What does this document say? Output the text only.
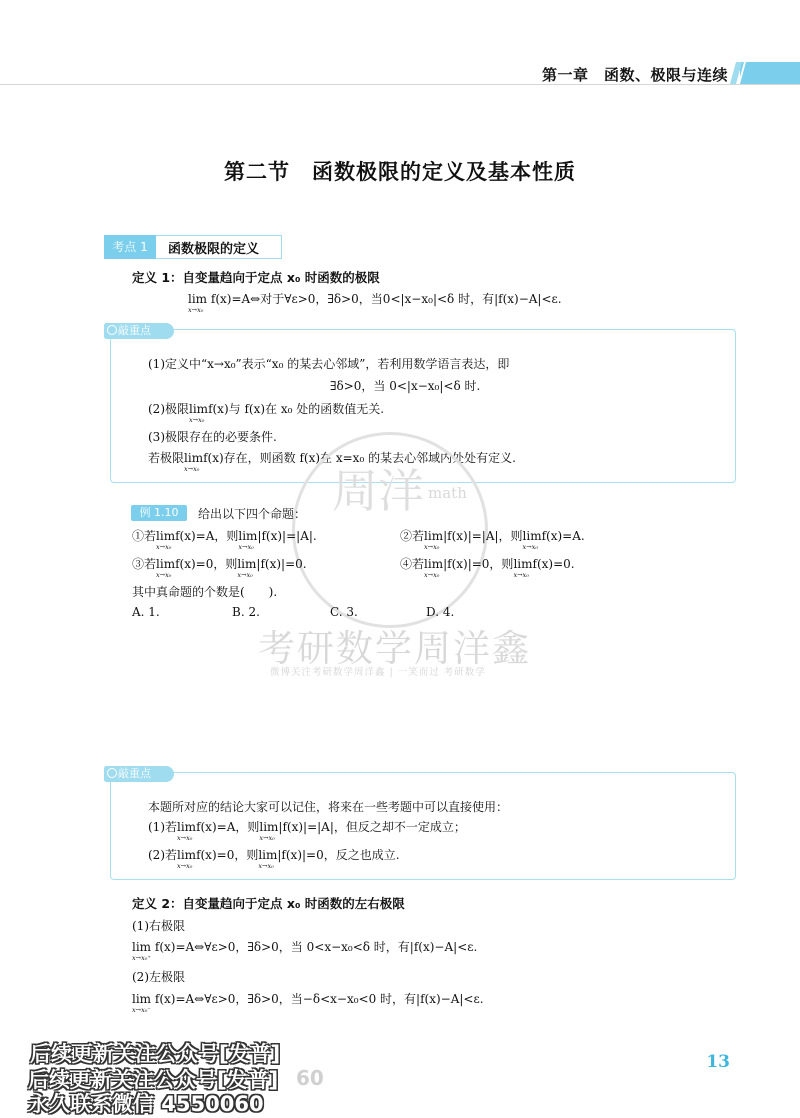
第一章　函数、极限与连续
第二节　函数极限的定义及基本性质
考点 1	函数极限的定义
定义 1：自变量趋向于定点 x₀ 时函数的极限
lim
x→x₀
f(x)=A⇔对于∀ε>0，∃δ>0，当0<|x−x₀|<δ 时，有|f(x)−A|<ε.
敲重点
(1)定义中“x→x₀”表示“x₀ 的某去心邻域”，若利用数学语言表达，即
∃δ>0，当 0<|x−x₀|<δ 时.
(2)极限lim
x→x₀
f(x)与 f(x)在 x₀ 处的函数值无关.
(3)极限存在的必要条件.
若极限lim
x→x₀
f(x)存在，则函数 f(x)在 x=x₀ 的某去心邻域内处处有定义.
周洋 math
考研数学周洋鑫
微博关注考研数学周洋鑫 | 一笑而过 考研数学
例 1.10	给出以下四个命题：
①若lim
x→x₀
f(x)=A，则lim
x→x₀
|f(x)|=|A|.	②若lim
x→x₀
|f(x)|=|A|，则lim
x→x₀
f(x)=A.
③若lim
x→x₀
f(x)=0，则lim
x→x₀
|f(x)|=0.	④若lim
x→x₀
|f(x)|=0，则lim
x→x₀
f(x)=0.
其中真命题的个数是(　　).
A. 1.	B. 2.	C. 3.	D. 4.
敲重点
本题所对应的结论大家可以记住，将来在一些考题中可以直接使用：
(1)若lim
x→x₀
f(x)=A，则lim
x→x₀
|f(x)|=|A|，但反之却不一定成立；
(2)若lim
x→x₀
f(x)=0，则lim
x→x₀
|f(x)|=0，反之也成立.
定义 2：自变量趋向于定点 x₀ 时函数的左右极限
(1)右极限
lim
x→x₀⁺
f(x)=A⇔∀ε>0，∃δ>0，当 0<x−x₀<δ 时，有|f(x)−A|<ε.
(2)左极限
lim
x→x₀⁻
f(x)=A⇔∀ε>0，∃δ>0，当−δ<x−x₀<0 时，有|f(x)−A|<ε.
13
后续更新关注公众号[发普]
后续更新关注公众号[发普] 60
永久联系微信 4550060
